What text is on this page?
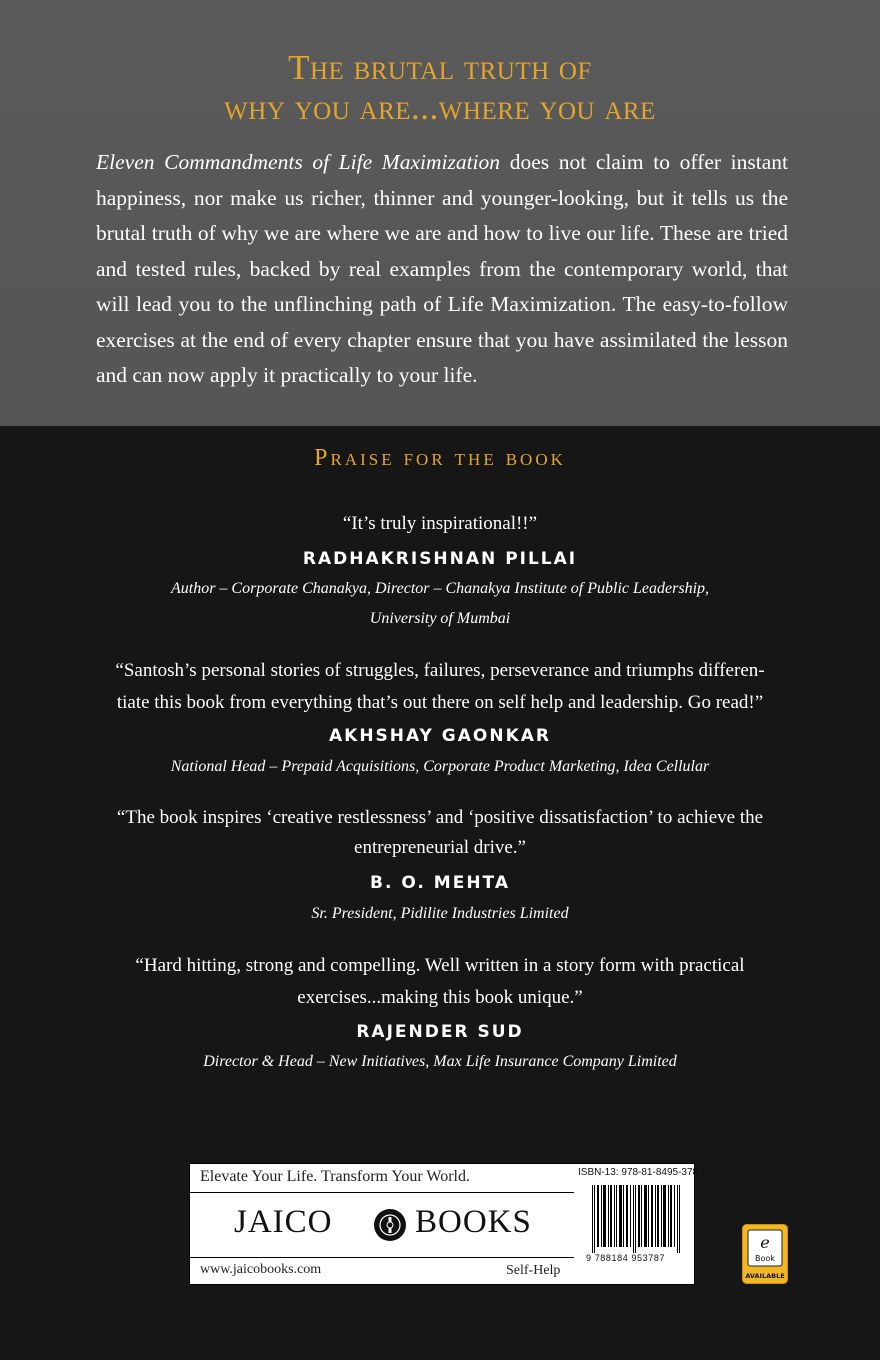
The brutal truth of

why you are...where you are

Eleven Commandments of Life Maximization does not claim to offer instant happiness, nor make us richer, thinner and younger-looking, but it tells us the brutal truth of why we are where we are and how to live our life. These are tried and tested rules, backed by real examples from the contemporary world, that will lead you to the unflinching path of Life Maximization. The easy-to-follow exercises at the end of every chapter ensure that you have assimilated the lesson and can now apply it practically to your life.

Praise for the book

“It’s truly inspirational!!”

RADHAKRISHNAN PILLAI

Author – Corporate Chanakya, Director – Chanakya Institute of Public Leadership,

University of Mumbai

“Santosh’s personal stories of struggles, failures, perseverance and triumphs differen-

tiate this book from everything that’s out there on self help and leadership. Go read!”

AKHSHAY GAONKAR

National Head – Prepaid Acquisitions, Corporate Product Marketing, Idea Cellular

“The book inspires ‘creative restlessness’ and ‘positive dissatisfaction’ to achieve the

entrepreneurial drive.”

B. O. MEHTA

Sr. President, Pidilite Industries Limited

“Hard hitting, strong and compelling. Well written in a story form with practical

exercises...making this book unique.”

RAJENDER SUD

Director & Head – New Initiatives, Max Life Insurance Company Limited

Elevate Your Life. Transform Your World.

JAICO BOOKS

www.jaicobooks.com	Self-Help

ISBN-13: 978-81-8495-378-7

9 788184 953787

e
Book
AVAILABLE
